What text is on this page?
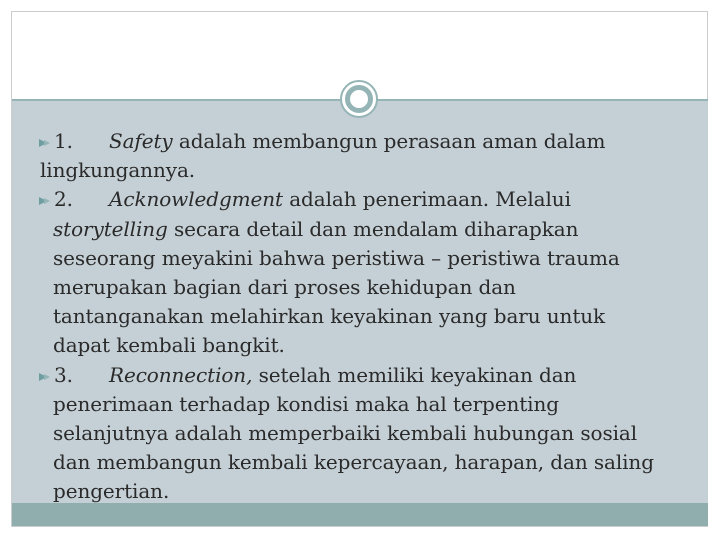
1. Safety adalah membangun perasaan aman dalam
lingkungannya.
2. Acknowledgment adalah penerimaan. Melalui
storytelling secara detail dan mendalam diharapkan
seseorang meyakini bahwa peristiwa – peristiwa trauma
merupakan bagian dari proses kehidupan dan
tantanganakan melahirkan keyakinan yang baru untuk
dapat kembali bangkit.
3. Reconnection, setelah memiliki keyakinan dan
penerimaan terhadap kondisi maka hal terpenting
selanjutnya adalah memperbaiki kembali hubungan sosial
dan membangun kembali kepercayaan, harapan, dan saling
pengertian.
